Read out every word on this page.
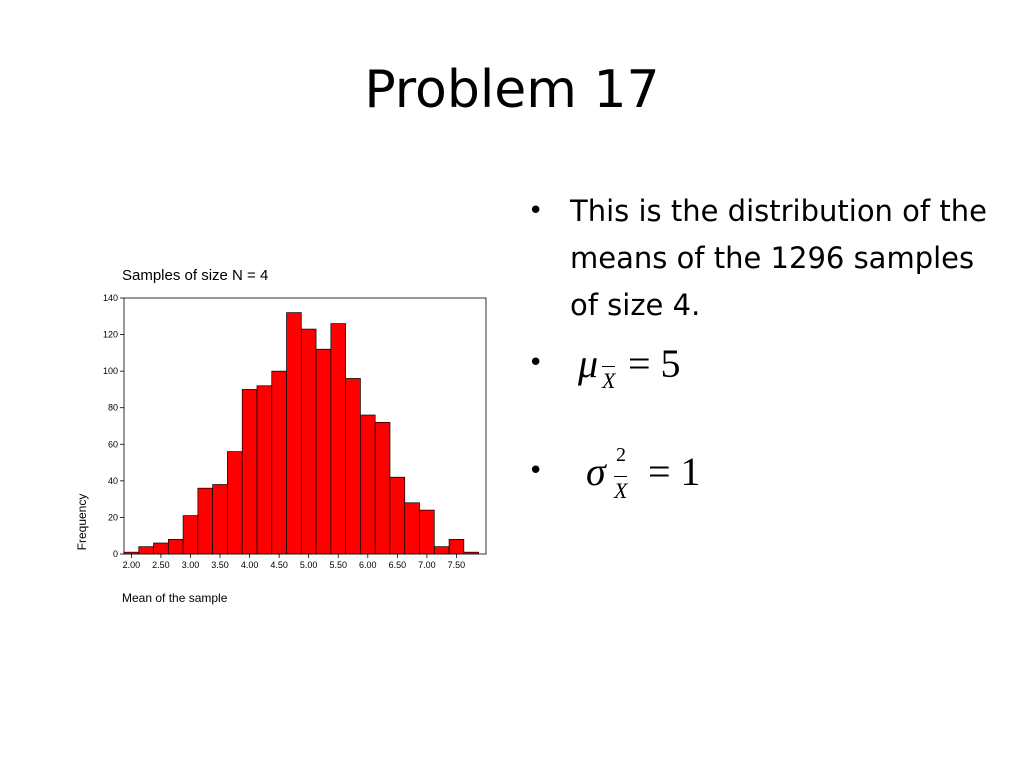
Problem 17
0
20
40
60
80
100
120
140
2.00 2.50 3.00 3.50 4.00 4.50 5.00 5.50 6.00 6.50 7.00 7.50
Samples of size N = 4
Mean of the sample
Frequency
• This is the distribution of the means of the 1296 samples of size 4.
• μ X = 5
• σ 2
X = 1
